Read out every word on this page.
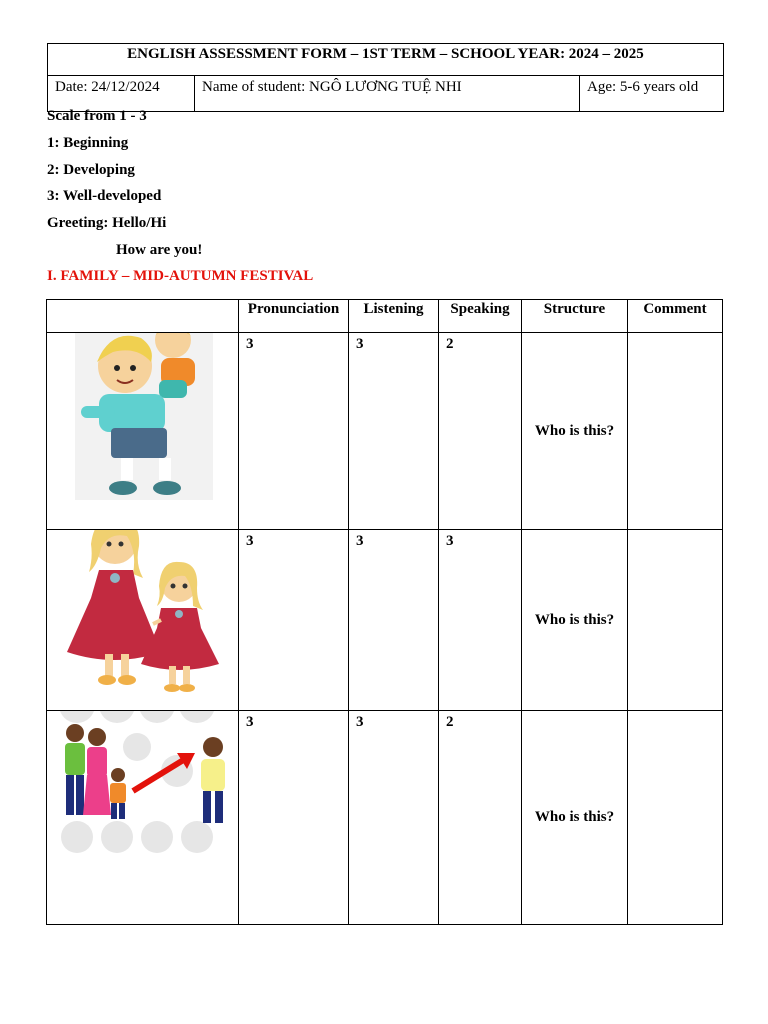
ENGLISH ASSESSMENT FORM – 1ST TERM – SCHOOL YEAR: 2024 – 2025
Date: 24/12/2024	Name of student: NGÔ LƯƠNG TUỆ NHI	Age: 5-6 years old
Scale from 1 - 3
1: Beginning
2: Developing
3: Well-developed
Greeting: Hello/Hi
How are you!
I. FAMILY – MID-AUTUMN FESTIVAL
	Pronunciation	Listening	Speaking	Structure	Comment

	3	3	2	Who is this?	

	3	3	3	Who is this?	

	3	3	2	Who is this?	
